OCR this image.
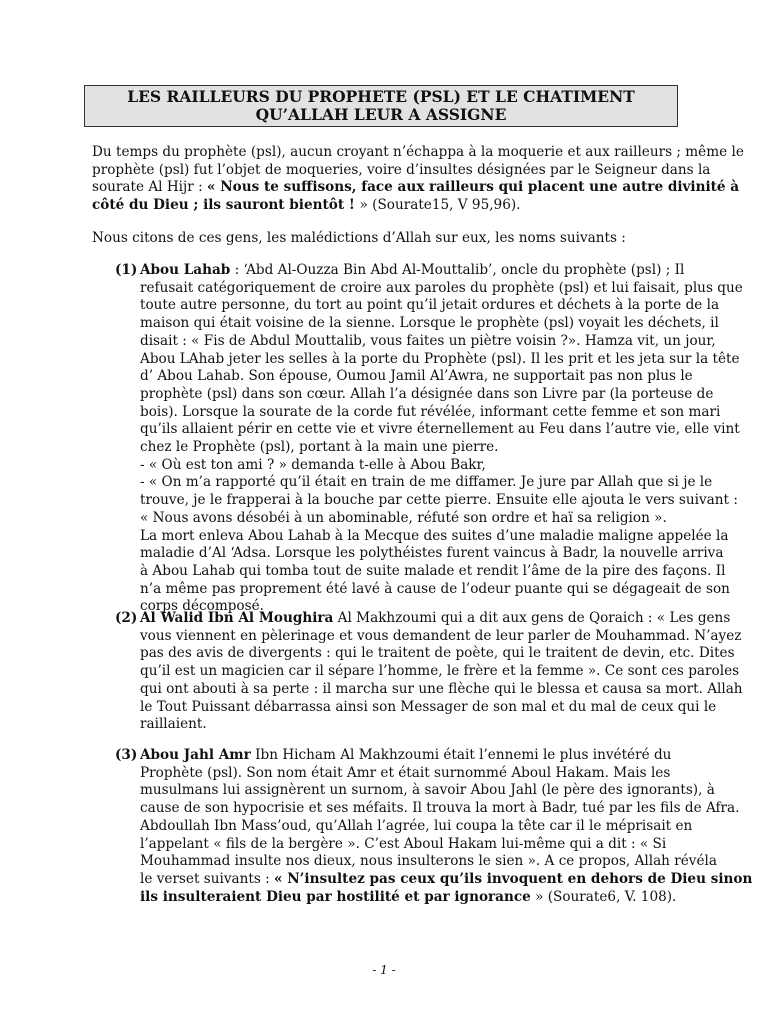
LES RAILLEURS DU PROPHETE (PSL) ET LE CHATIMENT
QU’ALLAH LEUR A ASSIGNE
Du temps du prophète (psl), aucun croyant n’échappa à la moquerie et aux railleurs ; même le
prophète (psl) fut l’objet de moqueries, voire d’insultes désignées par le Seigneur dans la
sourate Al Hijr : « Nous te suffisons, face aux railleurs qui placent une autre divinité à
côté du Dieu ; ils sauront bientôt ! » (Sourate15, V 95,96).
Nous citons de ces gens, les malédictions d’Allah sur eux, les noms suivants :
(1) Abou Lahab : ‘Abd Al-Ouzza Bin Abd Al-Mouttalib’, oncle du prophète (psl) ; Il
refusait catégoriquement de croire aux paroles du prophète (psl) et lui faisait, plus que
toute autre personne, du tort au point qu’il jetait ordures et déchets à la porte de la
maison qui était voisine de la sienne. Lorsque le prophète (psl) voyait les déchets, il
disait : « Fis de Abdul Mouttalib, vous faites un piètre voisin ?». Hamza vit, un jour,
Abou LAhab jeter les selles à la porte du Prophète (psl). Il les prit et les jeta sur la tête
d’ Abou Lahab. Son épouse, Oumou Jamil Al’Awra, ne supportait pas non plus le
prophète (psl) dans son cœur. Allah l’a désignée dans son Livre par (la porteuse de
bois). Lorsque la sourate de la corde fut révélée, informant cette femme et son mari
qu’ils allaient périr en cette vie et vivre éternellement au Feu dans l’autre vie, elle vint
chez le Prophète (psl), portant à la main une pierre.
- « Où est ton ami ? » demanda t-elle à Abou Bakr,
- « On m’a rapporté qu’il était en train de me diffamer. Je jure par Allah que si je le
trouve, je le frapperai à la bouche par cette pierre. Ensuite elle ajouta le vers suivant :
« Nous avons désobéi à un abominable, réfuté son ordre et haï sa religion ».
La mort enleva Abou Lahab à la Mecque des suites d’une maladie maligne appelée la
maladie d’Al ‘Adsa. Lorsque les polythéistes furent vaincus à Badr, la nouvelle arriva
à Abou Lahab qui tomba tout de suite malade et rendit l’âme de la pire des façons. Il
n’a même pas proprement été lavé à cause de l’odeur puante qui se dégageait de son
corps décomposé.
(2) Al Walid Ibn Al Moughira Al Makhzoumi qui a dit aux gens de Qoraich : « Les gens
vous viennent en pèlerinage et vous demandent de leur parler de Mouhammad. N’ayez
pas des avis de divergents : qui le traitent de poète, qui le traitent de devin, etc. Dites
qu’il est un magicien car il sépare l’homme, le frère et la femme ». Ce sont ces paroles
qui ont abouti à sa perte : il marcha sur une flèche qui le blessa et causa sa mort. Allah
le Tout Puissant débarrassa ainsi son Messager de son mal et du mal de ceux qui le
raillaient.
(3) Abou Jahl Amr Ibn Hicham Al Makhzoumi était l’ennemi le plus invétéré du
Prophète (psl). Son nom était Amr et était surnommé Aboul Hakam. Mais les
musulmans lui assignèrent un surnom, à savoir Abou Jahl (le père des ignorants), à
cause de son hypocrisie et ses méfaits. Il trouva la mort à Badr, tué par les fils de Afra.
Abdoullah Ibn Mass’oud, qu’Allah l’agrée, lui coupa la tête car il le méprisait en
l’appelant « fils de la bergère ». C’est Aboul Hakam lui-même qui a dit : « Si
Mouhammad insulte nos dieux, nous insulterons le sien ». A ce propos, Allah révéla
le verset suivants : « N’insultez pas ceux qu’ils invoquent en dehors de Dieu sinon
ils insulteraient Dieu par hostilité et par ignorance » (Sourate6, V. 108).
- 1 -
